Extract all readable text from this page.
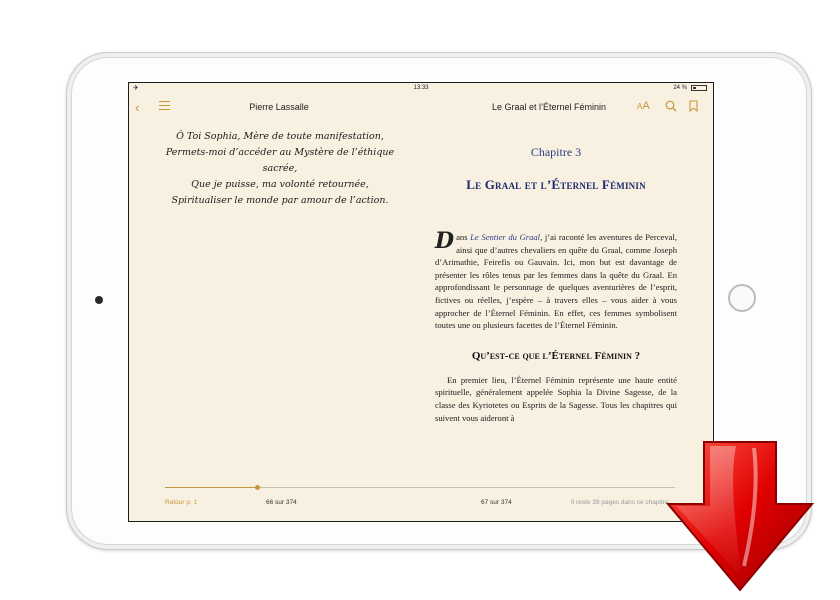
✈	13:33	24 %
‹	Pierre Lassalle	Le Graal et l’Éternel Féminin	AA
Ô Toi Sophia, Mère de toute manifestation,
Permets-moi d’accéder au Mystère de l’éthique
sacrée,
Que je puisse, ma volonté retournée,
Spiritualiser le monde par amour de l’action.
Chapitre 3
Le Graal et l’Éternel Féminin
Dans Le Sentier du Graal, j’ai raconté les aventures de Perceval, ainsi que d’autres chevaliers en quête du Graal, comme Joseph d’Arimathie, Feirefis ou Gauvain. Ici, mon but est davantage de présenter les rôles tenus par les femmes dans la quête du Graal. En approfondissant le personnage de quelques aventurières de l’esprit, fictives ou réelles, j’espère – à travers elles – vous aider à vous approcher de l’Éternel Féminin. En effet, ces femmes symbolisent toutes une ou plusieurs facettes de l’Éternel Féminin.
Qu’est-ce que l’Éternel Féminin ?
En premier lieu, l’Éternel Féminin représente une haute entité spirituelle, généralement appelée Sophia la Divine Sagesse, de la classe des Kyriotetes ou Esprits de la Sagesse. Tous les chapitres qui suivent vous aideront à
Retour p. 1	66 sur 374	67 sur 374	Il reste 39 pages dans ce chapitre
